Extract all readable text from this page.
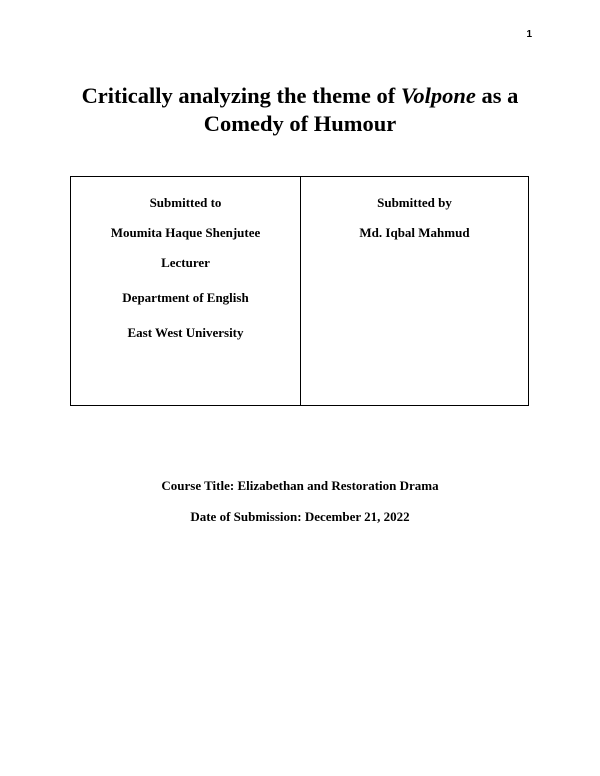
1
Critically analyzing the theme of Volpone as a
Comedy of Humour
Submitted to
Moumita Haque Shenjutee
Lecturer
Department of English
East West University
Submitted by
Md. Iqbal Mahmud
Course Title: Elizabethan and Restoration Drama
Date of Submission: December 21, 2022
